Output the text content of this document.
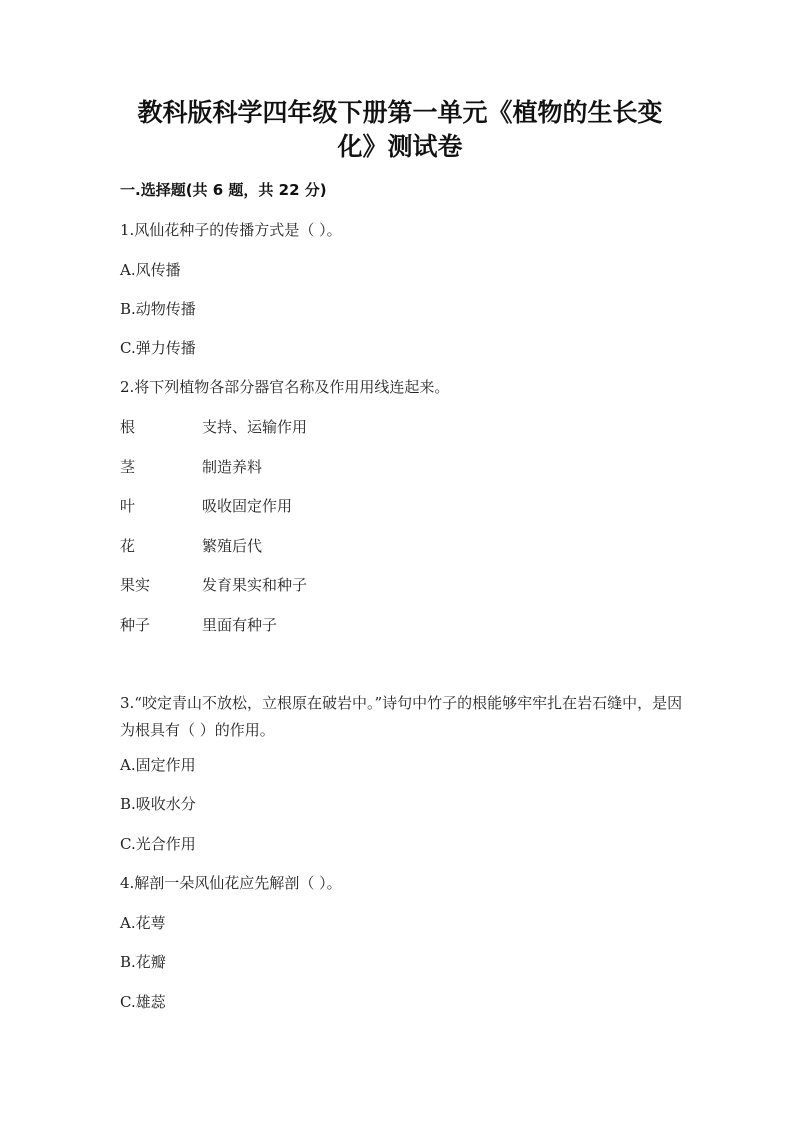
教科版科学四年级下册第一单元《植物的生长变
化》测试卷
一.选择题(共 6 题，共 22 分)
1.风仙花种子的传播方式是（ ）。
A.风传播
B.动物传播
C.弹力传播
2.将下列植物各部分器官名称及作用用线连起来。
根	支持、运输作用
茎	制造养料
叶	吸收固定作用
花	繁殖后代
果实	发育果实和种子
种子	里面有种子
3.“咬定青山不放松，立根原在破岩中。”诗句中竹子的根能够牢牢扎在岩石缝中，是因为根具有（ ）的作用。
A.固定作用
B.吸收水分
C.光合作用
4.解剖一朵风仙花应先解剖（ ）。
A.花萼
B.花瓣
C.雄蕊
